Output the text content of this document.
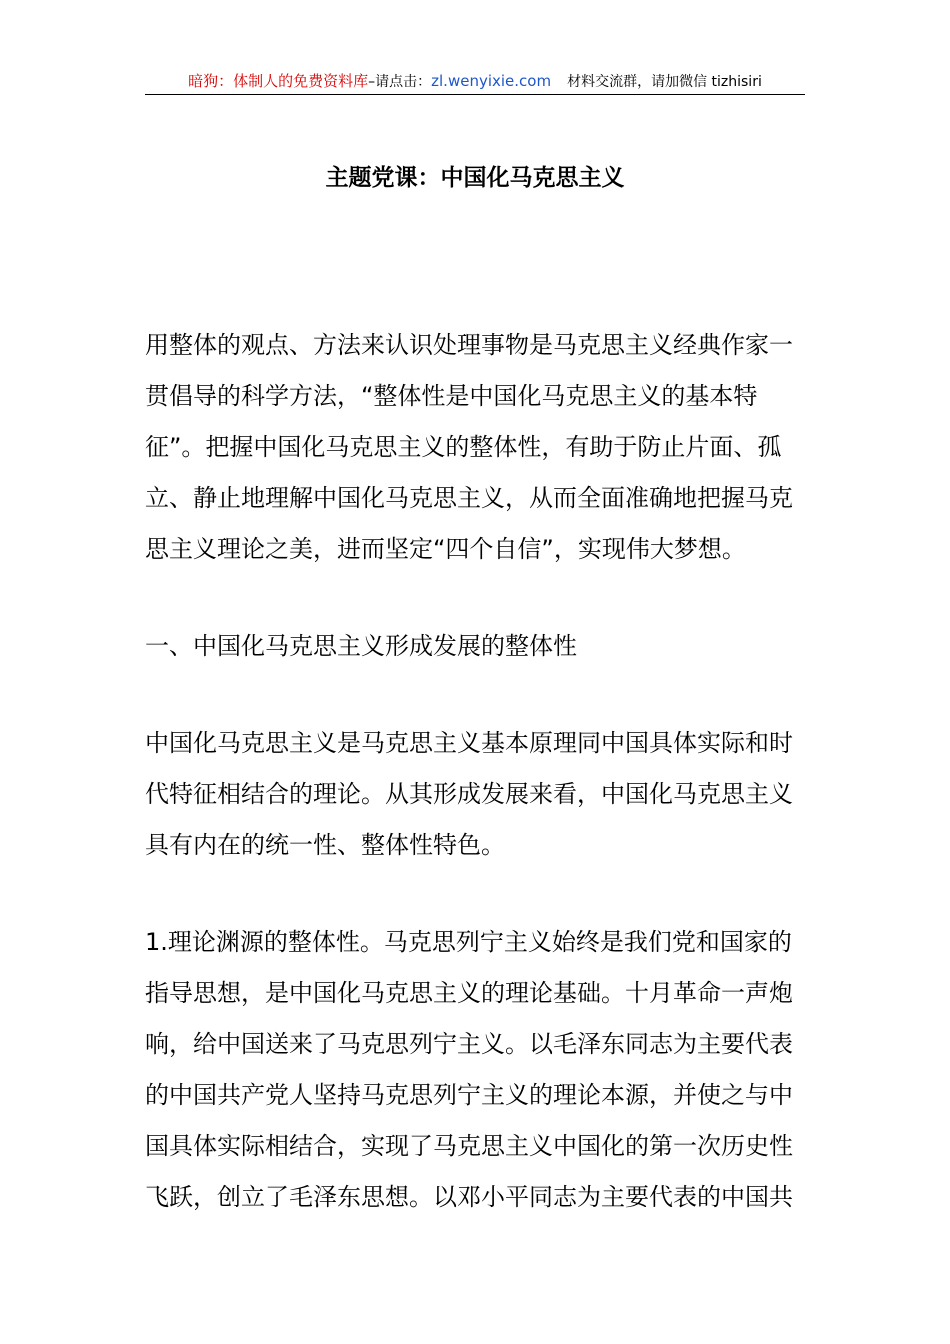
暗狗：体制人的免费资料库–请点击：zl.wenyixie.com 材料交流群，请加微信 tizhisiri
主题党课：中国化马克思主义

用整体的观点、方法来认识处理事物是马克思主义经典作家一贯倡导的科学方法，“整体性是中国化马克思主义的基本特征”。把握中国化马克思主义的整体性，有助于防止片面、孤立、静止地理解中国化马克思主义，从而全面准确地把握马克思主义理论之美，进而坚定“四个自信”，实现伟大梦想。

一、中国化马克思主义形成发展的整体性

中国化马克思主义是马克思主义基本原理同中国具体实际和时代特征相结合的理论。从其形成发展来看，中国化马克思主义具有内在的统一性、整体性特色。

1.理论渊源的整体性。马克思列宁主义始终是我们党和国家的指导思想，是中国化马克思主义的理论基础。十月革命一声炮响，给中国送来了马克思列宁主义。以毛泽东同志为主要代表的中国共产党人坚持马克思列宁主义的理论本源，并使之与中国具体实际相结合，实现了马克思主义中国化的第一次历史性飞跃，创立了毛泽东思想。以邓小平同志为主要代表的中国共
